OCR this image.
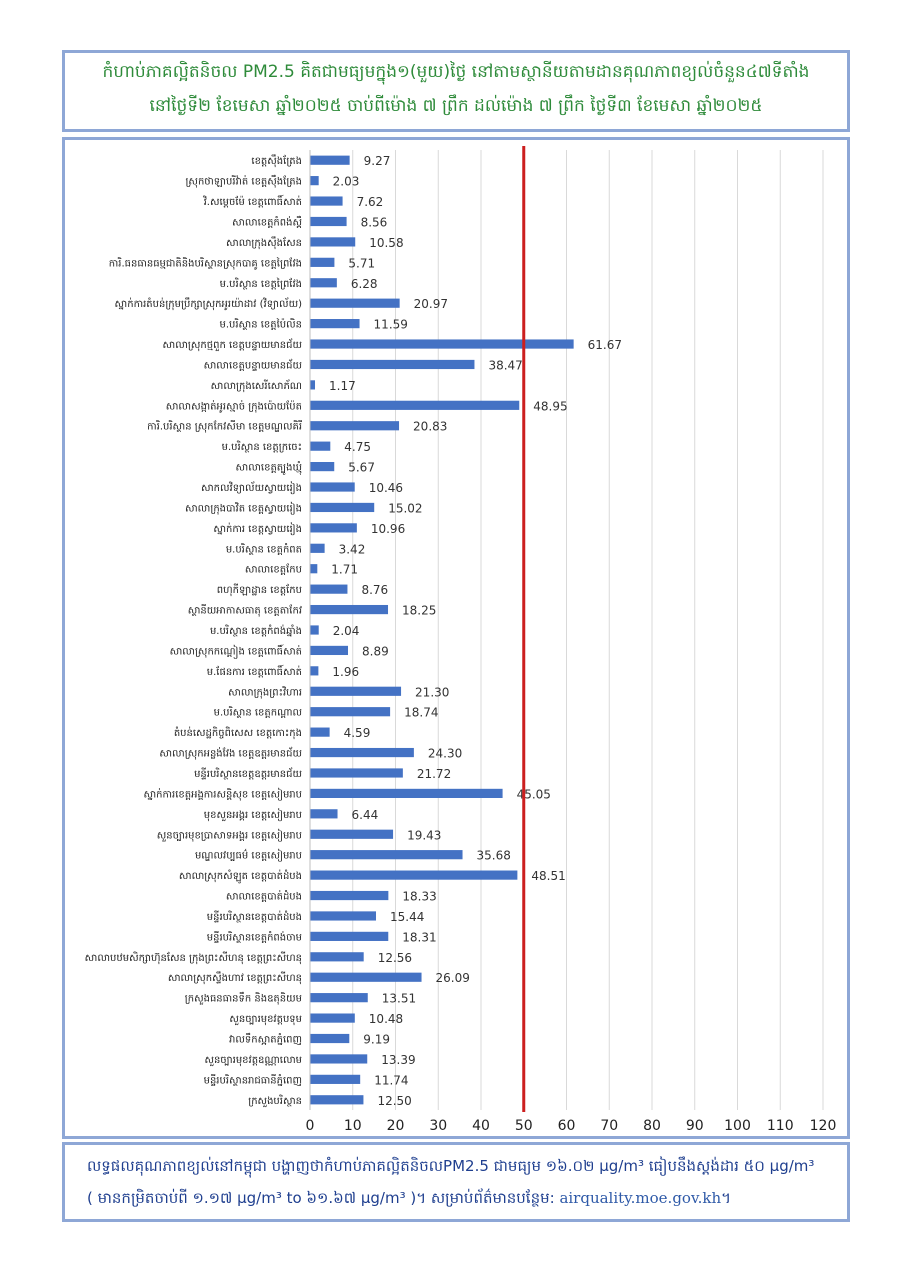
កំហាប់ភាគល្អិតនិចល PM2.5 គិតជាមធ្យមក្នុង១(មួយ)ថ្ងៃ នៅតាមស្ថានីយតាមដានគុណភាពខ្យល់ចំនួន៤៧ទីតាំង
នៅថ្ងៃទី២ ខែមេសា ឆ្នាំ២០២៥ ចាប់ពីម៉ោង ៧ ព្រឹក ដល់ម៉ោង ៧ ព្រឹក ថ្ងៃទី៣ ខែមេសា ឆ្នាំ២០២៥
0 10 20 30 40 50 60 70 80 90 100 110 120
ខេត្តស៊ឹងត្រែង	9.27
ស្រុកថាឡាបរិវ៉ាត់ ខេត្តស៊ឹងត្រែង	2.03
វិ.សម្តេចម៉ែ ខេត្តពោធិ៍សាត់	7.62
សាលាខេត្តកំពង់ស្ពឺ	8.56
សាលាក្រុងស៊ឹងសែន	10.58
ការិ.ធនធានធម្មជាតិនិងបរិស្ថានស្រុកបាគូ ខេត្តព្រៃវែង	5.71
ម.បរិស្ថាន ខេត្តព្រៃវែង	6.28
ស្នាក់ការតំបន់ក្រុមប្រឹក្សាស្រុកអូរយ៉ាដាវ (វិទ្យាល័យ)	20.97
ម.បរិស្ថាន ខេត្តប៉ៃលិន	11.59
សាលាស្រុកថ្មពួក ខេត្តបន្ទាយមានជ័យ	61.67
សាលាខេត្តបន្ទាយមានជ័យ	38.47
សាលាក្រុងសេរីសោភ័ណ 1.17
សាលាសង្កាត់អូរស្មាច់ ក្រុងប៉ោយប៉ែត	48.95
ការិ.បរិស្ថាន ស្រុកកែវសីមា ខេត្តមណ្ឌលគិរី	20.83
ម.បរិស្ថាន ខេត្តក្រចេះ	4.75
សាលាខេត្តត្បូងឃ្មុំ	5.67
សាកលវិទ្យាល័យស្វាយរៀង	10.46
សាលាក្រុងបាវិត ខេត្តស្វាយរៀង	15.02
ស្នាក់ការ ខេត្តស្វាយរៀង	10.96
ម.បរិស្ថាន ខេត្តកំពត	3.42
សាលាខេត្តកែប 1.71
ពហុកីឡាដ្ឋាន ខេត្តកែប	8.76
ស្ថានីយអាកាសធាតុ ខេត្តតាកែវ	18.25
ម.បរិស្ថាន ខេត្តកំពង់ឆ្នាំង	2.04
សាលាស្រុកកណ្តៀង ខេត្តពោធិ៍សាត់	8.89
ម.ផែនការ ខេត្តពោធិ៍សាត់	1.96
សាលាក្រុងព្រះវិហារ	21.30
ម.បរិស្ថាន ខេត្តកណ្តាល	18.74
តំបន់សេដ្ឋកិច្ចពិសេស ខេត្តកោះកុង	4.59
សាលាស្រុកអន្លង់វែង ខេត្តឧត្តរមានជ័យ	24.30
មន្ទីរបរិស្ថានខេត្តឧត្តរមានជ័យ	21.72
ស្នាក់ការខេត្តអង្គការសន្តិសុខ ខេត្តសៀមរាប	45.05
មុខសួនអង្គរ ខេត្តសៀមរាប	6.44
សួនច្បារមុខប្រាសាទអង្គរ ខេត្តសៀមរាប	19.43
មណ្ឌលវប្បធម៌ ខេត្តសៀមរាប	35.68
សាលាស្រុកសំឡូត ខេត្តបាត់ដំបង	48.51
សាលាខេត្តបាត់ដំបង	18.33
មន្ទីរបរិស្ថានខេត្តបាត់ដំបង	15.44
មន្ទីរបរិស្ថានខេត្តកំពង់ចាម	18.31
សាលាបឋមសិក្សាហ៊ុនសែន ក្រុងព្រះសីហនុ ខេត្តព្រះសីហនុ	12.56
សាលាស្រុកស្ទឹងហាវ ខេត្តព្រះសីហនុ	26.09
ក្រសួងធនធានទឹក និងឧតុនិយម	13.51
សួនច្បារមុខវត្តបទុម	10.48
វាលទឹកស្អាតភ្នំពេញ	9.19
សួនច្បារមុខវត្តឧណ្ណាលោម	13.39
មន្ទីរបរិស្ថានរាជធានីភ្នំពេញ	11.74
ក្រសួងបរិស្ថាន	12.50
លទ្ធផលគុណភាពខ្យល់នៅកម្ពុជា បង្ហាញថាកំហាប់ភាគល្អិតនិចលPM2.5 ជាមធ្យម ១៦.០២ µg/m³ ធៀបនឹងស្តង់ដារ ៥០ µg/m³
( មានកម្រិតចាប់ពី ១.១៧ µg/m³ to ៦១.៦៧ µg/m³ )។ សម្រាប់ព័ត៌មានបន្ថែម: airquality.moe.gov.kh។
